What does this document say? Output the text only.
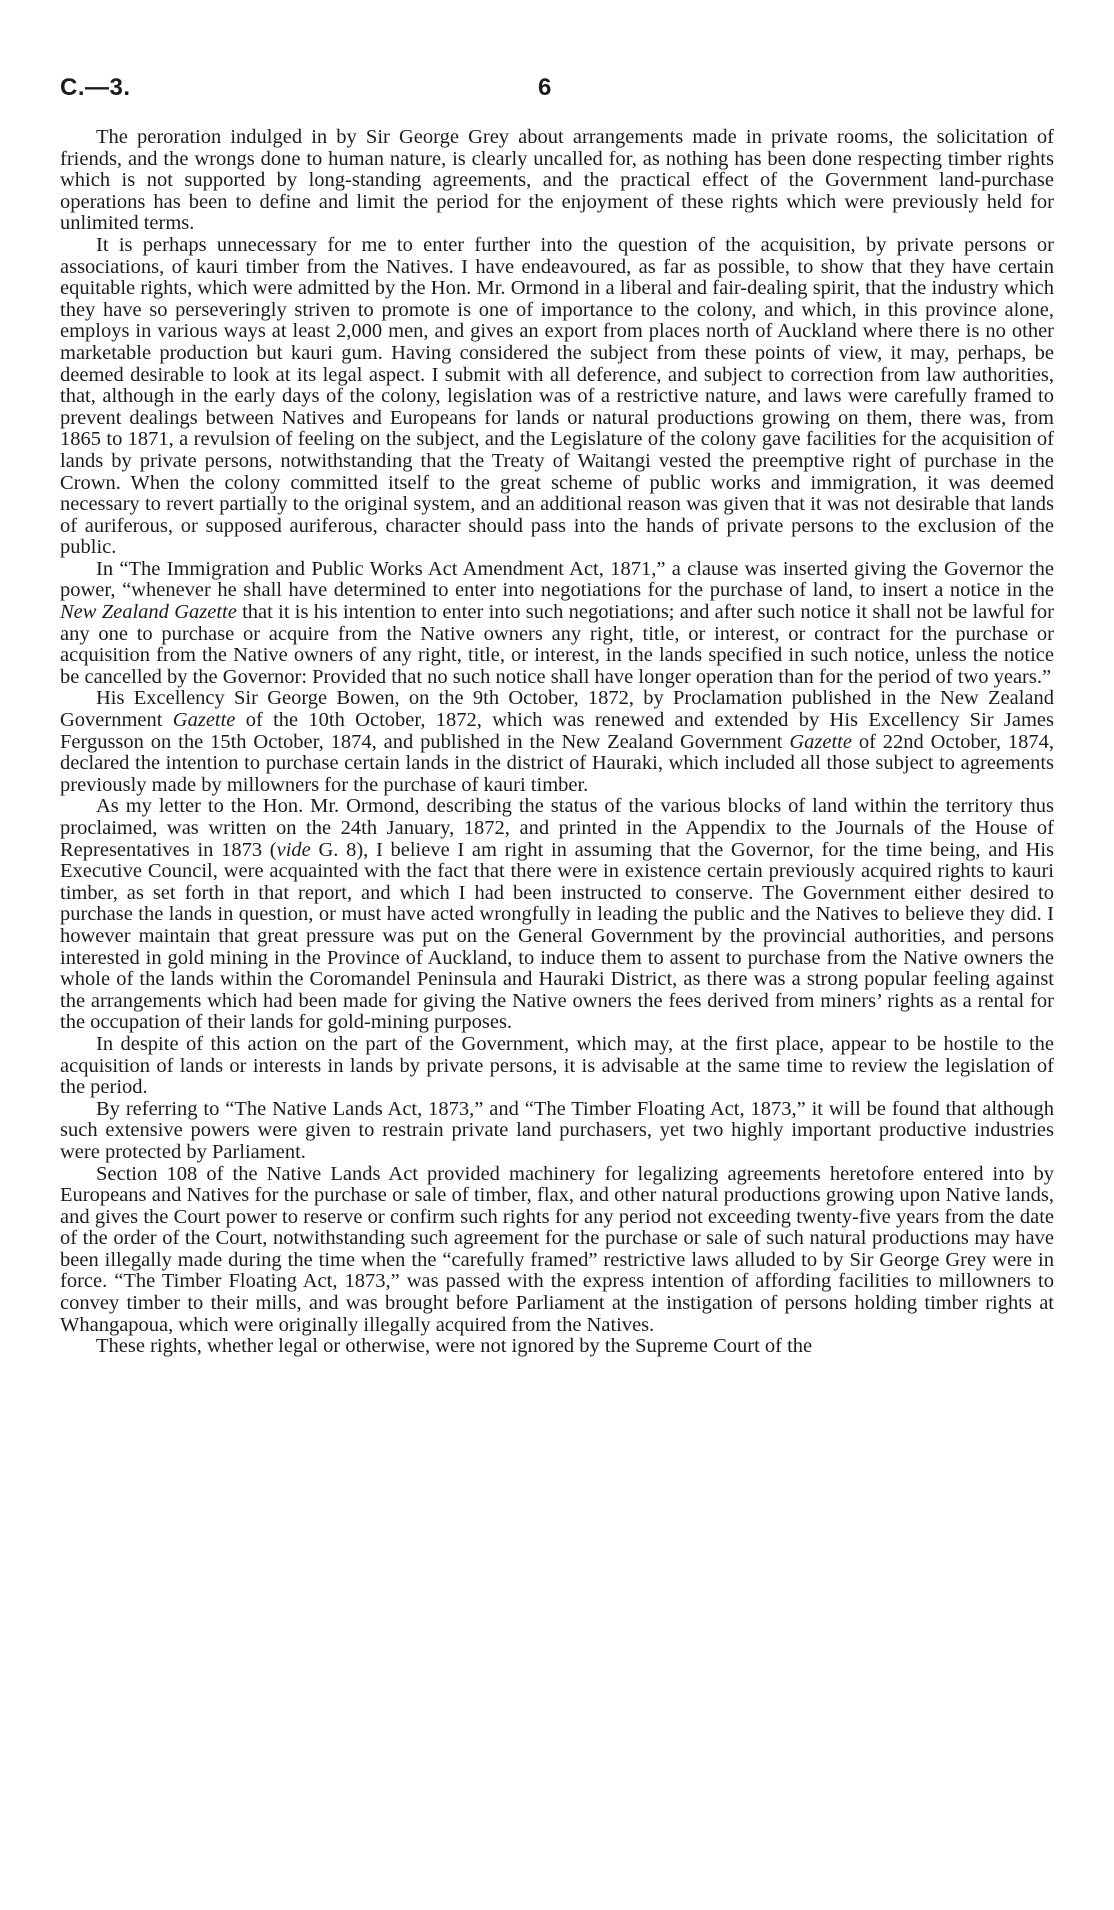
C.—3.	6

The peroration indulged in by Sir George Grey about arrangements made in private rooms, the solicitation of friends, and the wrongs done to human nature, is clearly uncalled for, as nothing has been done respecting timber rights which is not supported by long-standing agreements, and the practical effect of the Government land-purchase operations has been to define and limit the period for the enjoyment of these rights which were previously held for unlimited terms.

It is perhaps unnecessary for me to enter further into the question of the acquisition, by private persons or associations, of kauri timber from the Natives. I have endeavoured, as far as possible, to show that they have certain equitable rights, which were admitted by the Hon. Mr. Ormond in a liberal and fair-dealing spirit, that the industry which they have so perseveringly striven to promote is one of importance to the colony, and which, in this province alone, employs in various ways at least 2,000 men, and gives an export from places north of Auckland where there is no other marketable production but kauri gum. Having considered the subject from these points of view, it may, perhaps, be deemed desirable to look at its legal aspect. I submit with all deference, and subject to correction from law authorities, that, although in the early days of the colony, legislation was of a restrictive nature, and laws were carefully framed to prevent dealings between Natives and Europeans for lands or natural productions growing on them, there was, from 1865 to 1871, a revulsion of feeling on the subject, and the Legislature of the colony gave facilities for the acquisition of lands by private persons, notwithstanding that the Treaty of Waitangi vested the preemptive right of purchase in the Crown. When the colony committed itself to the great scheme of public works and immigration, it was deemed necessary to revert partially to the original system, and an additional reason was given that it was not desirable that lands of auriferous, or supposed auriferous, character should pass into the hands of private persons to the exclusion of the public.

In “The Immigration and Public Works Act Amendment Act, 1871,” a clause was inserted giving the Governor the power, “whenever he shall have determined to enter into negotiations for the purchase of land, to insert a notice in the New Zealand Gazette that it is his intention to enter into such negotiations; and after such notice it shall not be lawful for any one to purchase or acquire from the Native owners any right, title, or interest, or contract for the purchase or acquisition from the Native owners of any right, title, or interest, in the lands specified in such notice, unless the notice be cancelled by the Governor: Provided that no such notice shall have longer operation than for the period of two years.”

His Excellency Sir George Bowen, on the 9th October, 1872, by Proclamation published in the New Zealand Government Gazette of the 10th October, 1872, which was renewed and extended by His Excellency Sir James Fergusson on the 15th October, 1874, and published in the New Zealand Government Gazette of 22nd October, 1874, declared the intention to purchase certain lands in the district of Hauraki, which included all those subject to agreements previously made by millowners for the purchase of kauri timber.

As my letter to the Hon. Mr. Ormond, describing the status of the various blocks of land within the territory thus proclaimed, was written on the 24th January, 1872, and printed in the Appendix to the Journals of the House of Representatives in 1873 (vide G. 8), I believe I am right in assuming that the Governor, for the time being, and His Executive Council, were acquainted with the fact that there were in existence certain previously acquired rights to kauri timber, as set forth in that report, and which I had been instructed to conserve. The Government either desired to purchase the lands in question, or must have acted wrongfully in leading the public and the Natives to believe they did. I however maintain that great pressure was put on the General Government by the provincial authorities, and persons interested in gold mining in the Province of Auckland, to induce them to assent to purchase from the Native owners the whole of the lands within the Coromandel Peninsula and Hauraki District, as there was a strong popular feeling against the arrangements which had been made for giving the Native owners the fees derived from miners’ rights as a rental for the occupation of their lands for gold-mining purposes.

In despite of this action on the part of the Government, which may, at the first place, appear to be hostile to the acquisition of lands or interests in lands by private persons, it is advisable at the same time to review the legislation of the period.

By referring to “The Native Lands Act, 1873,” and “The Timber Floating Act, 1873,” it will be found that although such extensive powers were given to restrain private land purchasers, yet two highly important productive industries were protected by Parliament.

Section 108 of the Native Lands Act provided machinery for legalizing agreements heretofore entered into by Europeans and Natives for the purchase or sale of timber, flax, and other natural productions growing upon Native lands, and gives the Court power to reserve or confirm such rights for any period not exceeding twenty-five years from the date of the order of the Court, notwithstanding such agreement for the purchase or sale of such natural productions may have been illegally made during the time when the “carefully framed” restrictive laws alluded to by Sir George Grey were in force. “The Timber Floating Act, 1873,” was passed with the express intention of affording facilities to millowners to convey timber to their mills, and was brought before Parliament at the instigation of persons holding timber rights at Whangapoua, which were originally illegally acquired from the Natives.

These rights, whether legal or otherwise, were not ignored by the Supreme Court of the
